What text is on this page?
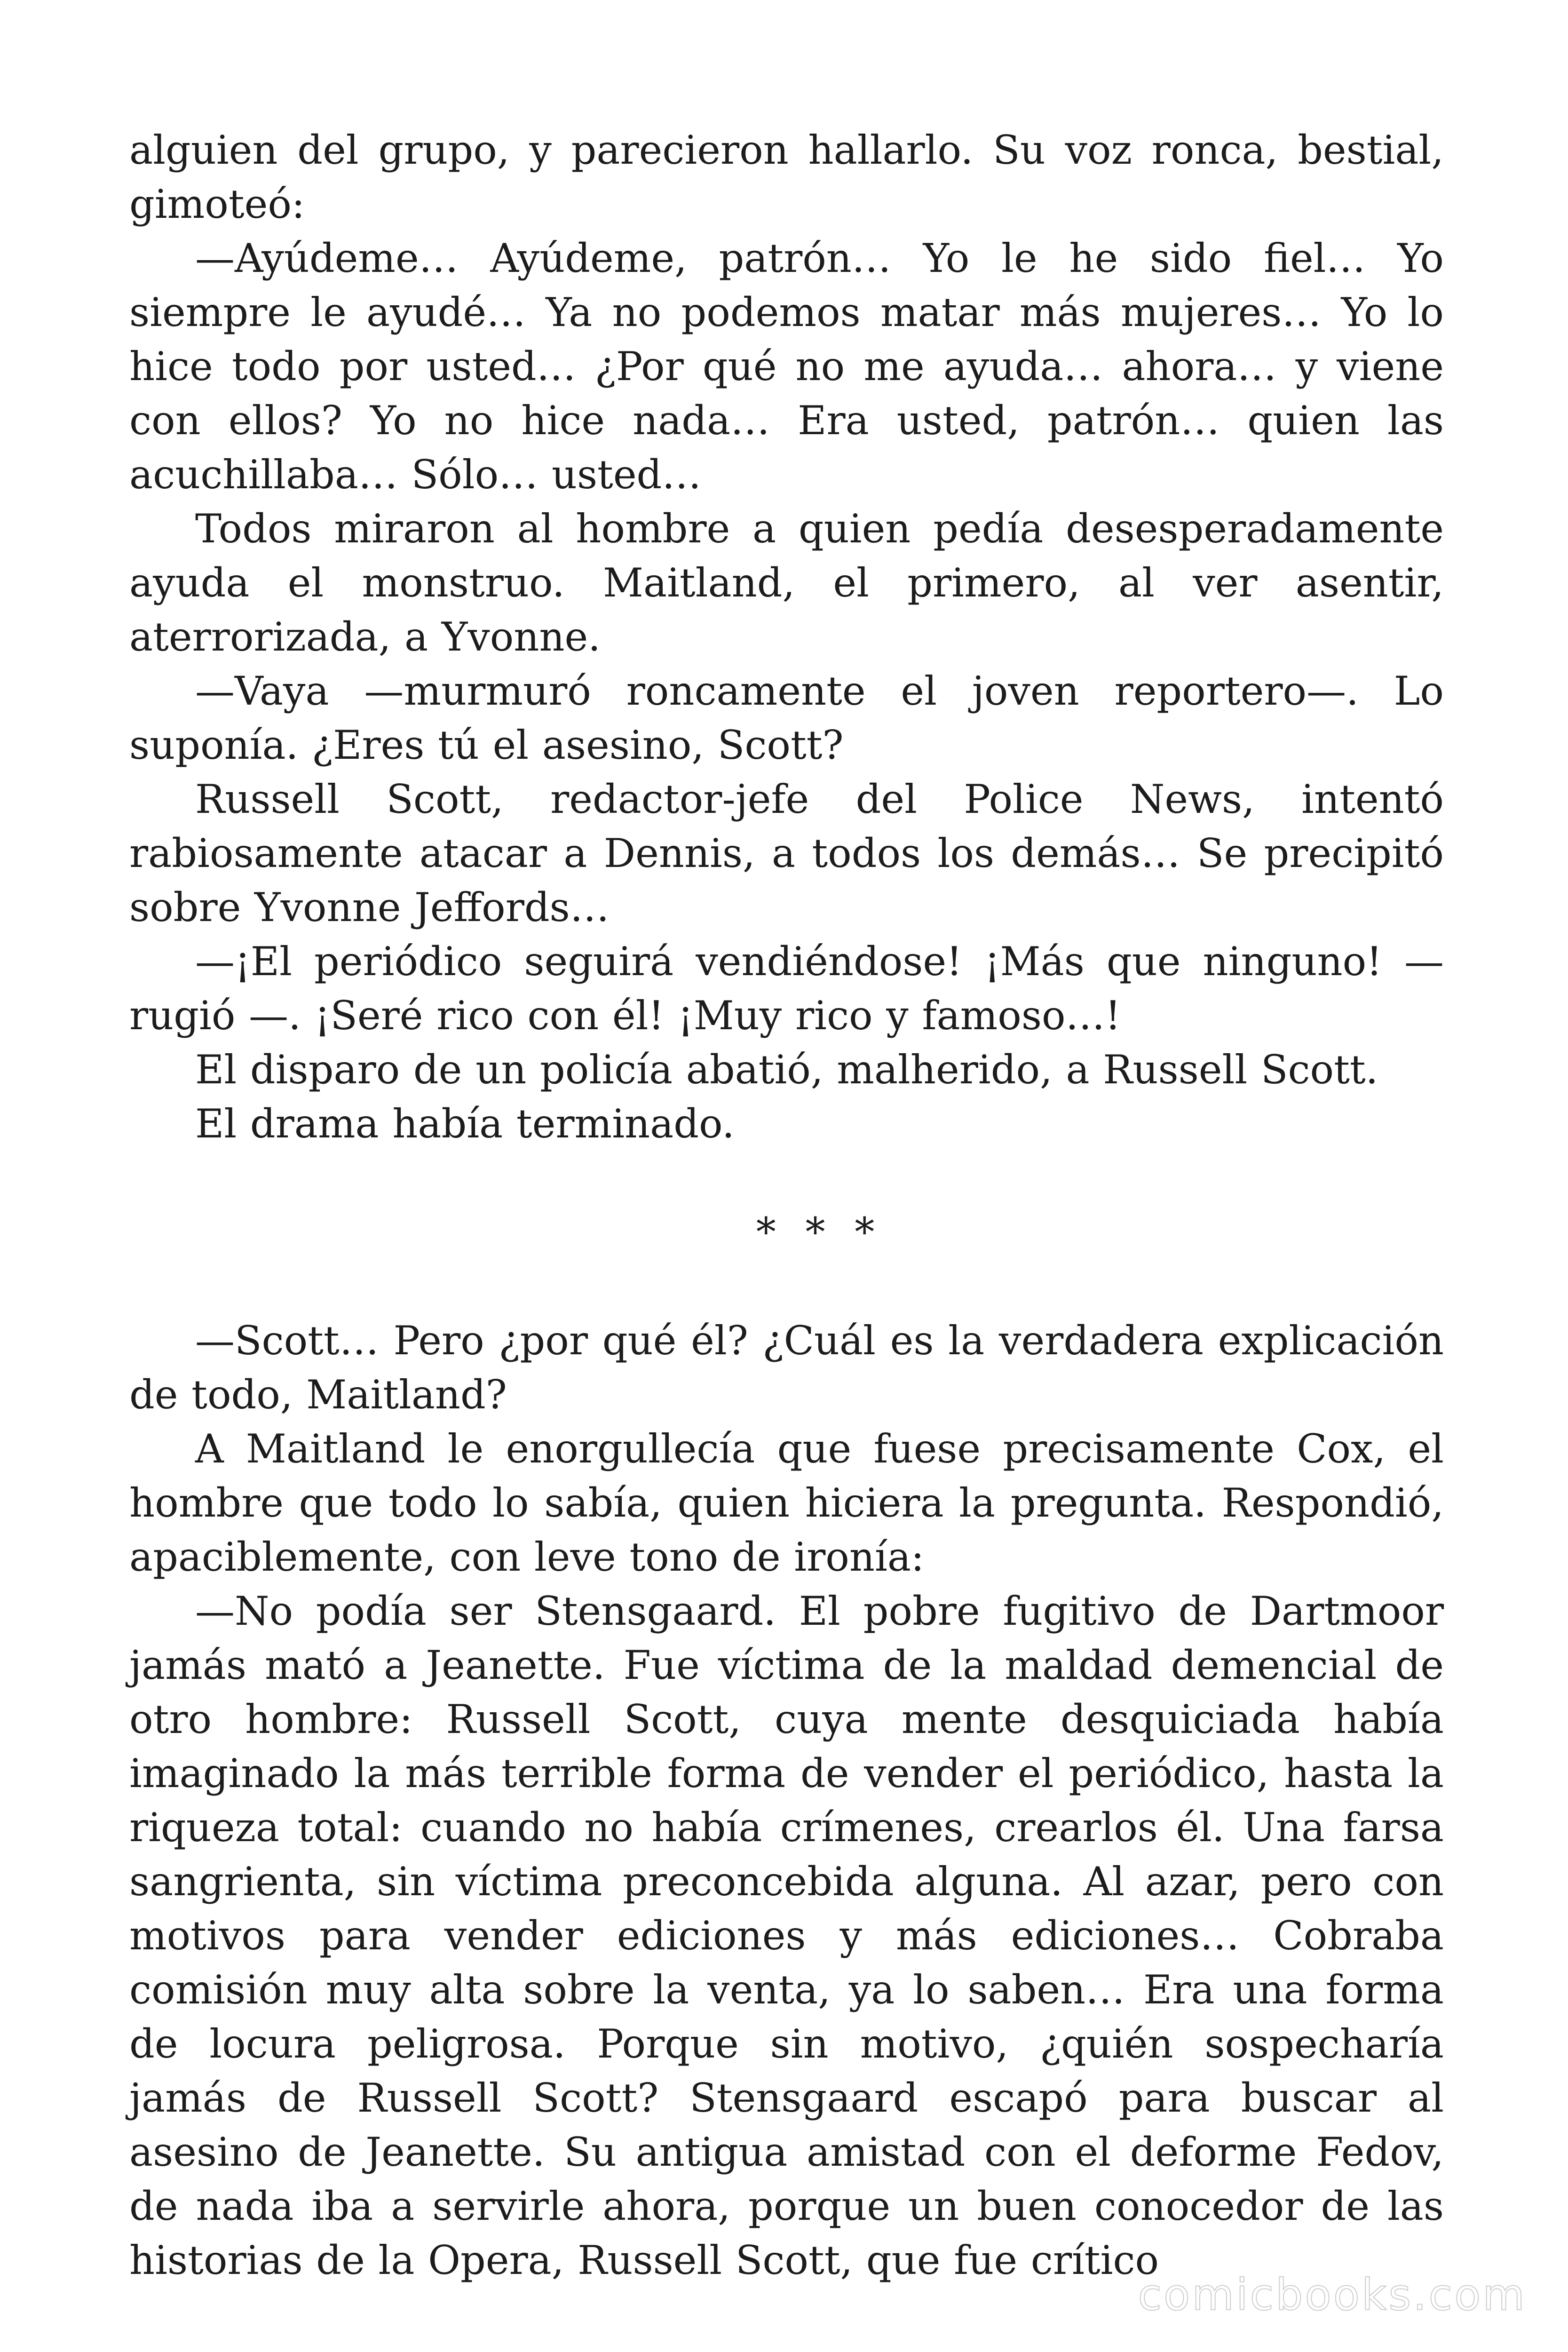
alguien del grupo, y parecieron hallarlo. Su voz ronca, bestial, gimoteó:

—Ayúdeme… Ayúdeme, patrón… Yo le he sido fiel… Yo siempre le ayudé… Ya no podemos matar más mujeres… Yo lo hice todo por usted… ¿Por qué no me ayuda… ahora… y viene con ellos? Yo no hice nada… Era usted, patrón… quien las acuchillaba… Sólo… usted…

Todos miraron al hombre a quien pedía desesperadamente ayuda el monstruo. Maitland, el primero, al ver asentir, aterrorizada, a Yvonne.

—Vaya —murmuró roncamente el joven reportero—. Lo suponía. ¿Eres tú el asesino, Scott?

Russell Scott, redactor-jefe del Police News, intentó rabiosamente atacar a Dennis, a todos los demás… Se precipitó sobre Yvonne Jeffords…

—¡El periódico seguirá vendiéndose! ¡Más que ninguno! —rugió —. ¡Seré rico con él! ¡Muy rico y famoso…!

El disparo de un policía abatió, malherido, a Russell Scott.

El drama había terminado.

* * *

—Scott… Pero ¿por qué él? ¿Cuál es la verdadera explicación de todo, Maitland?

A Maitland le enorgullecía que fuese precisamente Cox, el hombre que todo lo sabía, quien hiciera la pregunta. Respondió, apaciblemente, con leve tono de ironía:

—No podía ser Stensgaard. El pobre fugitivo de Dartmoor jamás mató a Jeanette. Fue víctima de la maldad demencial de otro hombre: Russell Scott, cuya mente desquiciada había imaginado la más terrible forma de vender el periódico, hasta la riqueza total: cuando no había crímenes, crearlos él. Una farsa sangrienta, sin víctima preconcebida alguna. Al azar, pero con motivos para vender ediciones y más ediciones… Cobraba comisión muy alta sobre la venta, ya lo saben… Era una forma de locura peligrosa. Porque sin motivo, ¿quién sospecharía jamás de Russell Scott? Stensgaard escapó para buscar al asesino de Jeanette. Su antigua amistad con el deforme Fedov, de nada iba a servirle ahora, porque un buen conocedor de las historias de la Opera, Russell Scott, que fue crítico

comicbooks.com
